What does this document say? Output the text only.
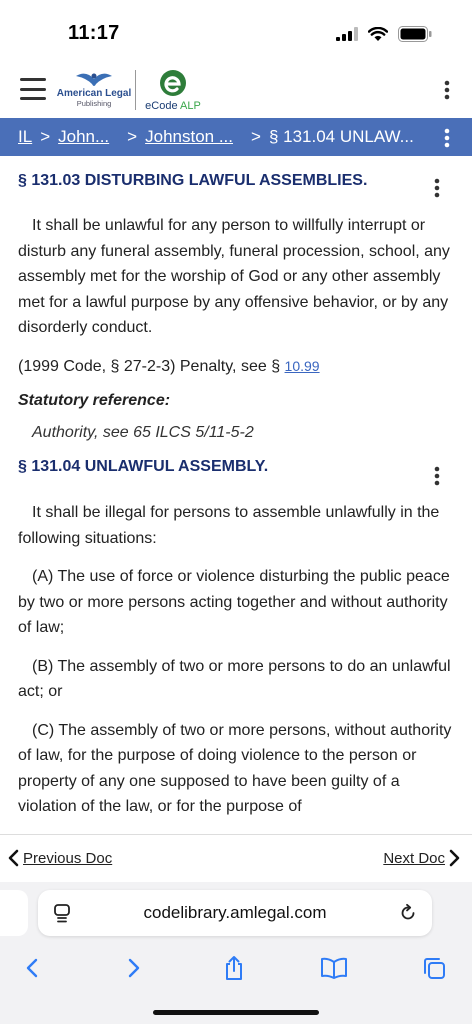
11:17
American Legal
Publishing	eCode ALP
IL > John... > Johnston ... > § 131.04 UNLAW...
§ 131.03 DISTURBING LAWFUL ASSEMBLIES.

It shall be unlawful for any person to willfully interrupt or disturb any funeral assembly, funeral procession, school, any assembly met for the worship of God or any other assembly met for a lawful purpose by any offensive behavior, or by any disorderly conduct.

(1999 Code, § 27-2-3) Penalty, see § 10.99

Statutory reference:

Authority, see 65 ILCS 5/11-5-2

§ 131.04 UNLAWFUL ASSEMBLY.

It shall be illegal for persons to assemble unlawfully in the following situations:

(A) The use of force or violence disturbing the public peace by two or more persons acting together and without authority of law;

(B) The assembly of two or more persons to do an unlawful act; or

(C) The assembly of two or more persons, without authority of law, for the purpose of doing violence to the person or property of any one supposed to have been guilty of a violation of the law, or for the purpose of

Previous Doc	Next Doc
codelibrary.amlegal.com
